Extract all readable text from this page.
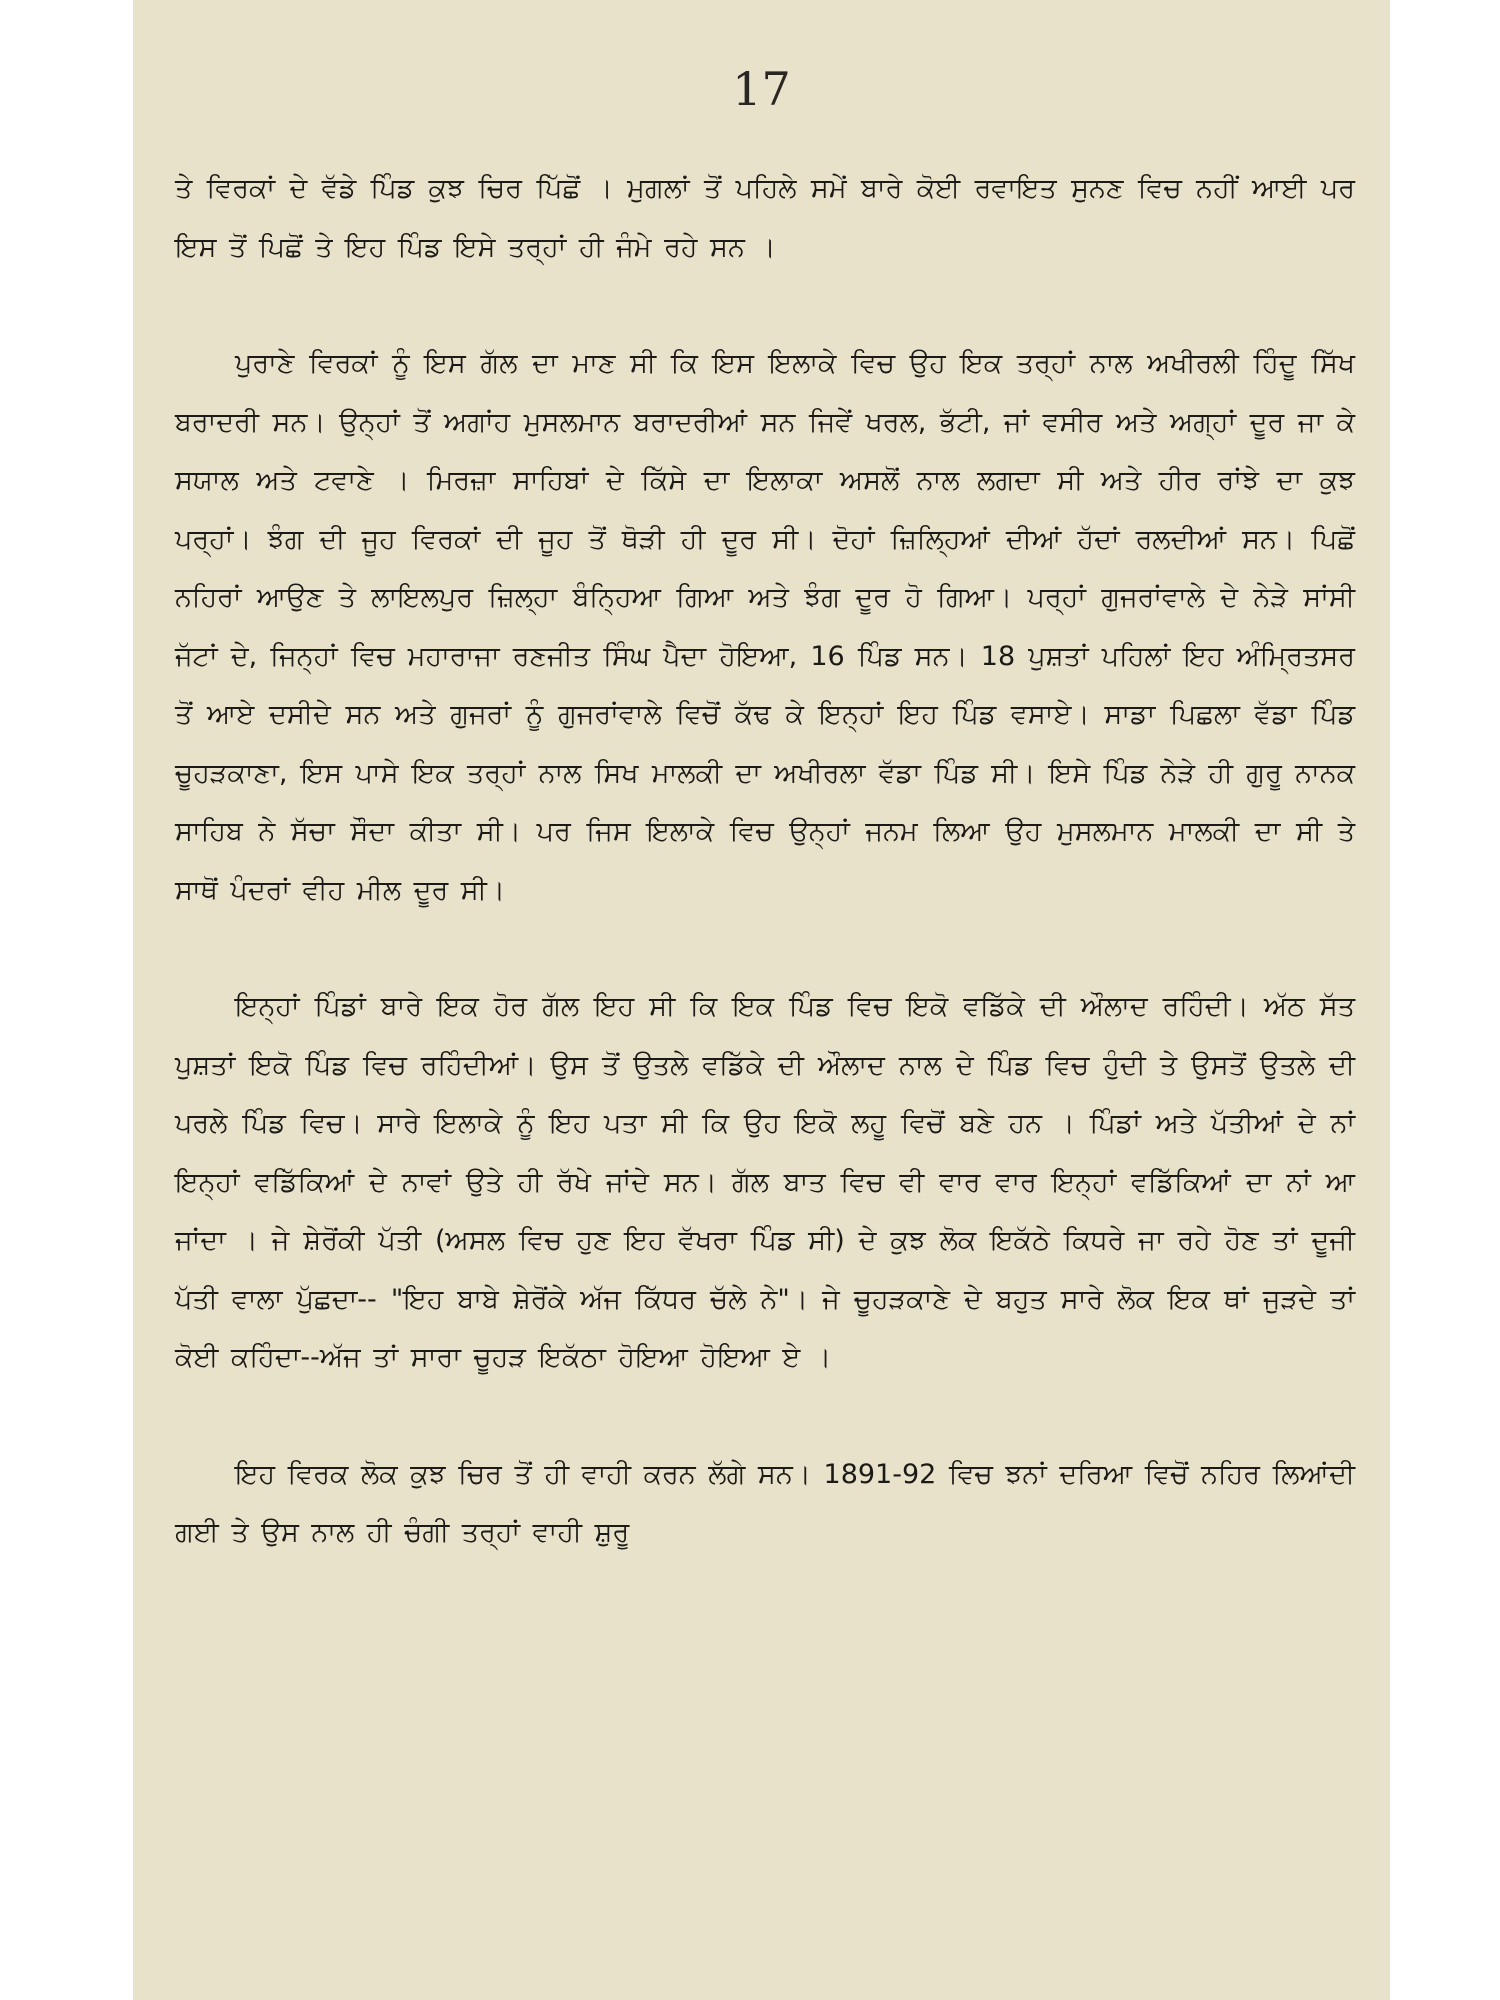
17

ਤੇ ਵਿਰਕਾਂ ਦੇ ਵੱਡੇ ਪਿੰਡ ਕੁਝ ਚਿਰ ਪਿੱਛੋਂ । ਮੁਗਲਾਂ ਤੋਂ ਪਹਿਲੇ ਸਮੇਂ ਬਾਰੇ ਕੋਈ ਰਵਾਇਤ ਸੁਨਣ ਵਿਚ ਨਹੀਂ ਆਈ ਪਰ ਇਸ ਤੋਂ ਪਿਛੋਂ ਤੇ ਇਹ ਪਿੰਡ ਇਸੇ ਤਰ੍ਹਾਂ ਹੀ ਜੰਮੇ ਰਹੇ ਸਨ ।

ਪੁਰਾਣੇ ਵਿਰਕਾਂ ਨੂੰ ਇਸ ਗੱਲ ਦਾ ਮਾਣ ਸੀ ਕਿ ਇਸ ਇਲਾਕੇ ਵਿਚ ਉਹ ਇਕ ਤਰ੍ਹਾਂ ਨਾਲ ਅਖੀਰਲੀ ਹਿੰਦੂ ਸਿੱਖ ਬਰਾਦਰੀ ਸਨ। ਉਨ੍ਹਾਂ ਤੋਂ ਅਗਾਂਹ ਮੁਸਲਮਾਨ ਬਰਾਦਰੀਆਂ ਸਨ ਜਿਵੇਂ ਖਰਲ, ਭੱਟੀ, ਜਾਂ ਵਸੀਰ ਅਤੇ ਅਗ੍ਹਾਂ ਦੂਰ ਜਾ ਕੇ ਸਯਾਲ ਅਤੇ ਟਵਾਣੇ । ਮਿਰਜ਼ਾ ਸਾਹਿਬਾਂ ਦੇ ਕਿੱਸੇ ਦਾ ਇਲਾਕਾ ਅਸਲੋਂ ਨਾਲ ਲਗਦਾ ਸੀ ਅਤੇ ਹੀਰ ਰਾਂਝੇ ਦਾ ਕੁਝ ਪਰ੍ਹਾਂ। ਝੰਗ ਦੀ ਜੂਹ ਵਿਰਕਾਂ ਦੀ ਜੂਹ ਤੋਂ ਥੋੜੀ ਹੀ ਦੂਰ ਸੀ। ਦੋਹਾਂ ਜ਼ਿਲ੍ਹਿਆਂ ਦੀਆਂ ਹੱਦਾਂ ਰਲਦੀਆਂ ਸਨ। ਪਿਛੋਂ ਨਹਿਰਾਂ ਆਉਣ ਤੇ ਲਾਇਲਪੁਰ ਜ਼ਿਲ੍ਹਾ ਬੰਨ੍ਹਿਆ ਗਿਆ ਅਤੇ ਝੰਗ ਦੂਰ ਹੋ ਗਿਆ। ਪਰ੍ਹਾਂ ਗੁਜਰਾਂਵਾਲੇ ਦੇ ਨੇੜੇ ਸਾਂਸੀ ਜੱਟਾਂ ਦੇ, ਜਿਨ੍ਹਾਂ ਵਿਚ ਮਹਾਰਾਜਾ ਰਣਜੀਤ ਸਿੰਘ ਪੈਦਾ ਹੋਇਆ, 16 ਪਿੰਡ ਸਨ। 18 ਪੁਸ਼ਤਾਂ ਪਹਿਲਾਂ ਇਹ ਅੰਮ੍ਰਿਤਸਰ ਤੋਂ ਆਏ ਦਸੀਦੇ ਸਨ ਅਤੇ ਗੁਜਰਾਂ ਨੂੰ ਗੁਜਰਾਂਵਾਲੇ ਵਿਚੋਂ ਕੱਢ ਕੇ ਇਨ੍ਹਾਂ ਇਹ ਪਿੰਡ ਵਸਾਏ। ਸਾਡਾ ਪਿਛਲਾ ਵੱਡਾ ਪਿੰਡ ਚੂਹੜਕਾਣਾ, ਇਸ ਪਾਸੇ ਇਕ ਤਰ੍ਹਾਂ ਨਾਲ ਸਿਖ ਮਾਲਕੀ ਦਾ ਅਖੀਰਲਾ ਵੱਡਾ ਪਿੰਡ ਸੀ। ਇਸੇ ਪਿੰਡ ਨੇੜੇ ਹੀ ਗੁਰੂ ਨਾਨਕ ਸਾਹਿਬ ਨੇ ਸੱਚਾ ਸੌਦਾ ਕੀਤਾ ਸੀ। ਪਰ ਜਿਸ ਇਲਾਕੇ ਵਿਚ ਉਨ੍ਹਾਂ ਜਨਮ ਲਿਆ ਉਹ ਮੁਸਲਮਾਨ ਮਾਲਕੀ ਦਾ ਸੀ ਤੇ ਸਾਥੋਂ ਪੰਦਰਾਂ ਵੀਹ ਮੀਲ ਦੂਰ ਸੀ।

ਇਨ੍ਹਾਂ ਪਿੰਡਾਂ ਬਾਰੇ ਇਕ ਹੋਰ ਗੱਲ ਇਹ ਸੀ ਕਿ ਇਕ ਪਿੰਡ ਵਿਚ ਇਕੋ ਵਡਿੱਕੇ ਦੀ ਔਲਾਦ ਰਹਿੰਦੀ। ਅੱਠ ਸੱਤ ਪੁਸ਼ਤਾਂ ਇਕੋ ਪਿੰਡ ਵਿਚ ਰਹਿੰਦੀਆਂ। ਉਸ ਤੋਂ ਉਤਲੇ ਵਡਿੱਕੇ ਦੀ ਔਲਾਦ ਨਾਲ ਦੇ ਪਿੰਡ ਵਿਚ ਹੁੰਦੀ ਤੇ ਉਸਤੋਂ ਉਤਲੇ ਦੀ ਪਰਲੇ ਪਿੰਡ ਵਿਚ। ਸਾਰੇ ਇਲਾਕੇ ਨੂੰ ਇਹ ਪਤਾ ਸੀ ਕਿ ਉਹ ਇਕੋ ਲਹੂ ਵਿਚੋਂ ਬਣੇ ਹਨ । ਪਿੰਡਾਂ ਅਤੇ ਪੱਤੀਆਂ ਦੇ ਨਾਂ ਇਨ੍ਹਾਂ ਵਡਿੱਕਿਆਂ ਦੇ ਨਾਵਾਂ ਉਤੇ ਹੀ ਰੱਖੇ ਜਾਂਦੇ ਸਨ। ਗੱਲ ਬਾਤ ਵਿਚ ਵੀ ਵਾਰ ਵਾਰ ਇਨ੍ਹਾਂ ਵਡਿੱਕਿਆਂ ਦਾ ਨਾਂ ਆ ਜਾਂਦਾ । ਜੇ ਸ਼ੇਰੋਂਕੀ ਪੱਤੀ (ਅਸਲ ਵਿਚ ਹੁਣ ਇਹ ਵੱਖਰਾ ਪਿੰਡ ਸੀ) ਦੇ ਕੁਝ ਲੋਕ ਇਕੱਠੇ ਕਿਧਰੇ ਜਾ ਰਹੇ ਹੋਣ ਤਾਂ ਦੂਜੀ ਪੱਤੀ ਵਾਲਾ ਪੁੱਛਦਾ-- "ਇਹ ਬਾਬੇ ਸ਼ੇਰੋਂਕੇ ਅੱਜ ਕਿੱਧਰ ਚੱਲੇ ਨੇ"। ਜੇ ਚੂਹੜਕਾਣੇ ਦੇ ਬਹੁਤ ਸਾਰੇ ਲੋਕ ਇਕ ਥਾਂ ਜੁੜਦੇ ਤਾਂ ਕੋਈ ਕਹਿੰਦਾ--ਅੱਜ ਤਾਂ ਸਾਰਾ ਚੂਹੜ ਇਕੱਠਾ ਹੋਇਆ ਹੋਇਆ ਏ ।

ਇਹ ਵਿਰਕ ਲੋਕ ਕੁਝ ਚਿਰ ਤੋਂ ਹੀ ਵਾਹੀ ਕਰਨ ਲੱਗੇ ਸਨ। 1891-92 ਵਿਚ ਝਨਾਂ ਦਰਿਆ ਵਿਚੋਂ ਨਹਿਰ ਲਿਆਂਦੀ ਗਈ ਤੇ ਉਸ ਨਾਲ ਹੀ ਚੰਗੀ ਤਰ੍ਹਾਂ ਵਾਹੀ ਸ਼ੁਰੂ
